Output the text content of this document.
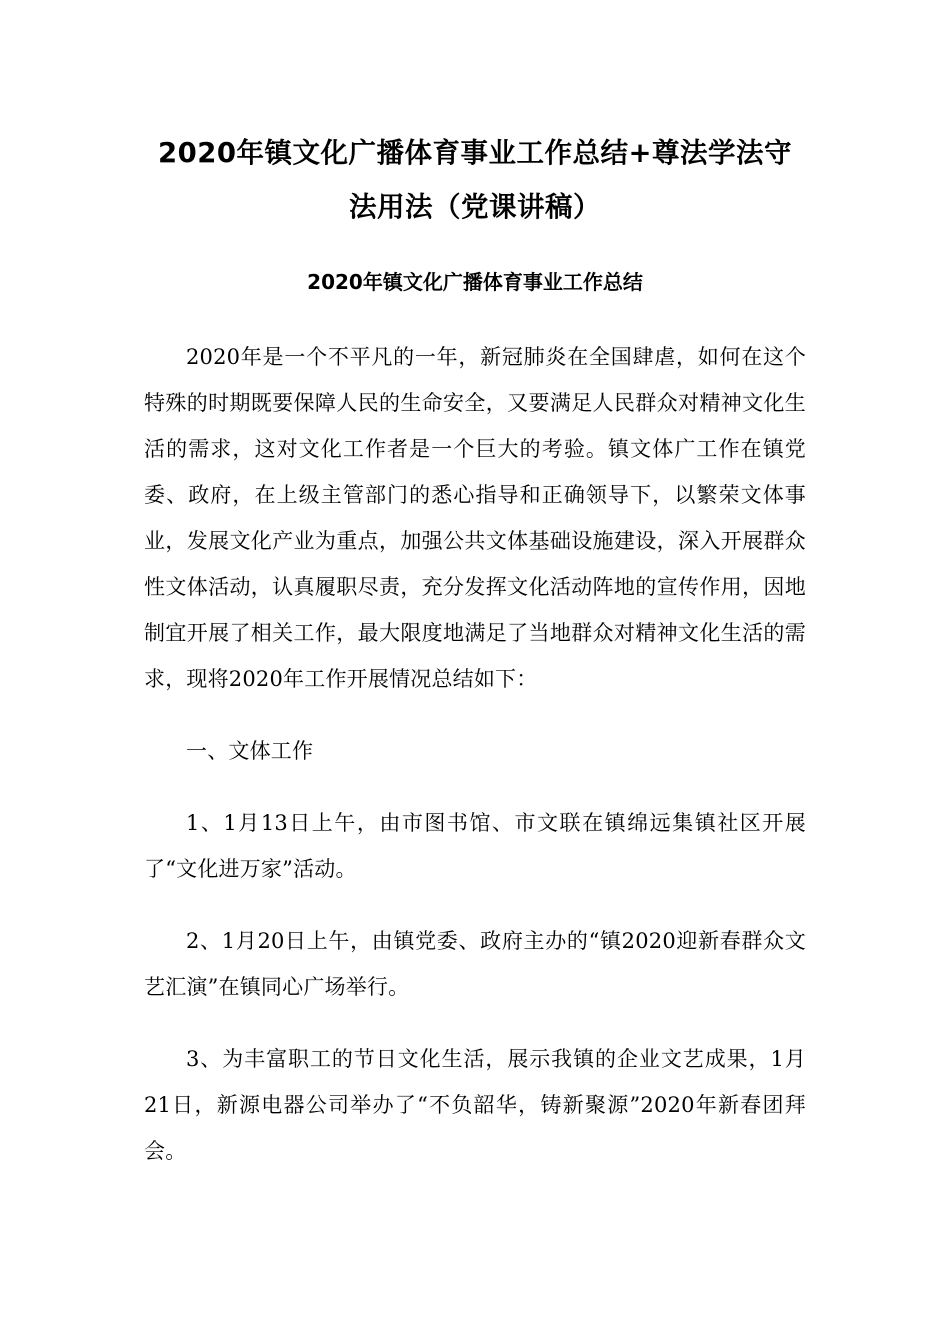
2020年镇文化广播体育事业工作总结+尊法学法守法用法（党课讲稿）
2020年镇文化广播体育事业工作总结

2020年是一个不平凡的一年，新冠肺炎在全国肆虐，如何在这个特殊的时期既要保障人民的生命安全，又要满足人民群众对精神文化生活的需求，这对文化工作者是一个巨大的考验。镇文体广工作在镇党委、政府，在上级主管部门的悉心指导和正确领导下，以繁荣文体事业，发展文化产业为重点，加强公共文体基础设施建设，深入开展群众性文体活动，认真履职尽责，充分发挥文化活动阵地的宣传作用，因地制宜开展了相关工作，最大限度地满足了当地群众对精神文化生活的需求，现将2020年工作开展情况总结如下：

一、文体工作

1、1月13日上午，由市图书馆、市文联在镇绵远集镇社区开展了“文化进万家”活动。

2、1月20日上午，由镇党委、政府主办的“镇2020迎新春群众文艺汇演”在镇同心广场举行。

3、为丰富职工的节日文化生活，展示我镇的企业文艺成果，1月21日，新源电器公司举办了“不负韶华，铸新聚源”2020年新春团拜会。
